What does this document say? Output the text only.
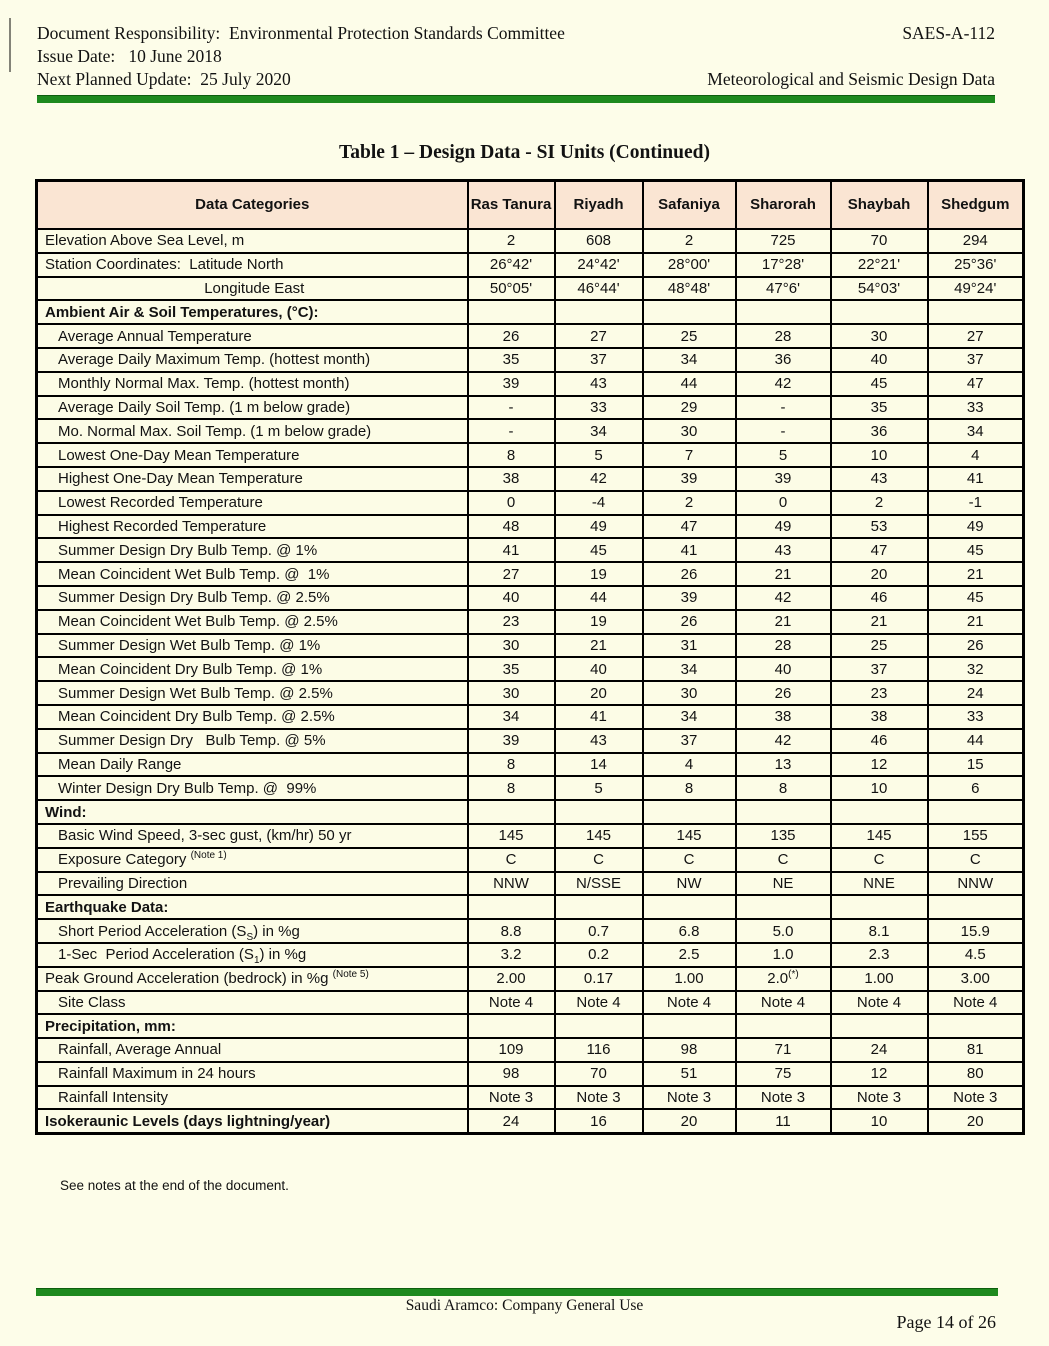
Document Responsibility:  Environmental Protection Standards Committee	SAES-A-112
Issue Date:   10 June 2018
Next Planned Update:  25 July 2020	Meteorological and Seismic Design Data
Table 1 – Design Data - SI Units (Continued)
Data Categories	Ras Tanura	Riyadh	Safaniya	Sharorah	Shaybah	Shedgum
Elevation Above Sea Level, m	2	608	2	725	70	294
Station Coordinates:  Latitude North	26°42'	24°42'	28°00'	17°28'	22°21'	25°36'
Longitude East	50°05'	46°44'	48°48'	47°6'	54°03'	49°24'
Ambient Air & Soil Temperatures, (°C):						
Average Annual Temperature	26	27	25	28	30	27
Average Daily Maximum Temp. (hottest month)	35	37	34	36	40	37
Monthly Normal Max. Temp. (hottest month)	39	43	44	42	45	47
Average Daily Soil Temp. (1 m below grade)	-	33	29	-	35	33
Mo. Normal Max. Soil Temp. (1 m below grade)	-	34	30	-	36	34
Lowest One-Day Mean Temperature	8	5	7	5	10	4
Highest One-Day Mean Temperature	38	42	39	39	43	41
Lowest Recorded Temperature	0	-4	2	0	2	-1
Highest Recorded Temperature	48	49	47	49	53	49
Summer Design Dry Bulb Temp. @ 1%	41	45	41	43	47	45
Mean Coincident Wet Bulb Temp. @  1%	27	19	26	21	20	21
Summer Design Dry Bulb Temp. @ 2.5%	40	44	39	42	46	45
Mean Coincident Wet Bulb Temp. @ 2.5%	23	19	26	21	21	21
Summer Design Wet Bulb Temp. @ 1%	30	21	31	28	25	26
Mean Coincident Dry Bulb Temp. @ 1%	35	40	34	40	37	32
Summer Design Wet Bulb Temp. @ 2.5%	30	20	30	26	23	24
Mean Coincident Dry Bulb Temp. @ 2.5%	34	41	34	38	38	33
Summer Design Dry   Bulb Temp. @ 5%	39	43	37	42	46	44
Mean Daily Range	8	14	4	13	12	15
Winter Design Dry Bulb Temp. @  99%	8	5	8	8	10	6
Wind:						
Basic Wind Speed, 3-sec gust, (km/hr) 50 yr	145	145	145	135	145	155
Exposure Category $^{(Note 1)}$	C	C	C	C	C	C
Prevailing Direction	NNW	N/SSE	NW	NE	NNE	NNW
Earthquake Data:						
Short Period Acceleration $(S_S)$ in %g	8.8	0.7	6.8	5.0	8.1	15.9
1-Sec  Period Acceleration $(S_1)$ in %g	3.2	0.2	2.5	1.0	2.3	4.5
Peak Ground Acceleration (bedrock) in %g $^{(Note 5)}$	2.00	0.17	1.00	2.0(*)	1.00	3.00
Site Class	Note 4	Note 4	Note 4	Note 4	Note 4	Note 4
Precipitation, mm:						
Rainfall, Average Annual	109	116	98	71	24	81
Rainfall Maximum in 24 hours	98	70	51	75	12	80
Rainfall Intensity	Note 3	Note 3	Note 3	Note 3	Note 3	Note 3
Isokeraunic Levels (days lightning/year)	24	16	20	11	10	20
See notes at the end of the document.
Saudi Aramco: Company General Use
Page 14 of 26
